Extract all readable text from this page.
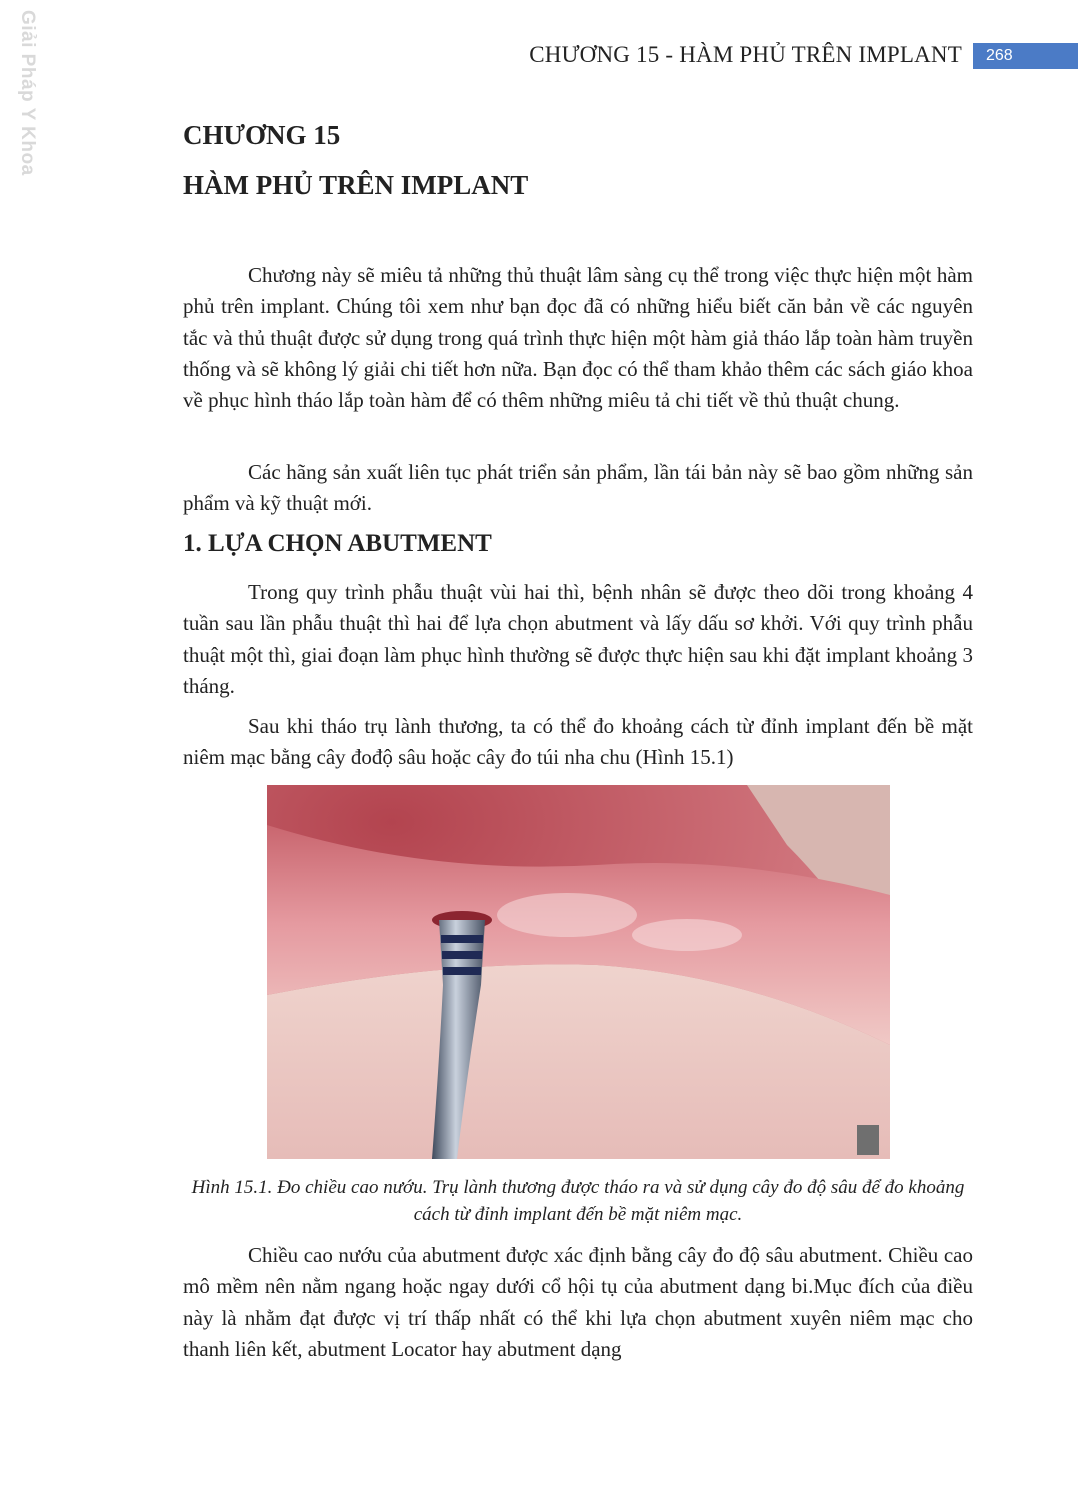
Giải Pháp Y Khoa	CHƯƠNG 15 - HÀM PHỦ TRÊN IMPLANT	268
CHƯƠNG 15
HÀM PHỦ TRÊN IMPLANT

Chương này sẽ miêu tả những thủ thuật lâm sàng cụ thể trong việc thực hiện một hàm phủ trên implant. Chúng tôi xem như bạn đọc đã có những hiểu biết căn bản về các nguyên tắc và thủ thuật được sử dụng trong quá trình thực hiện một hàm giả tháo lắp toàn hàm truyền thống và sẽ không lý giải chi tiết hơn nữa. Bạn đọc có thể tham khảo thêm các sách giáo khoa về phục hình tháo lắp toàn hàm để có thêm những miêu tả chi tiết về thủ thuật chung.

Các hãng sản xuất liên tục phát triển sản phẩm, lần tái bản này sẽ bao gồm những sản phẩm và kỹ thuật mới.

1. LỰA CHỌN ABUTMENT

Trong quy trình phẫu thuật vùi hai thì, bệnh nhân sẽ được theo dõi trong khoảng 4 tuần sau lần phẫu thuật thì hai để lựa chọn abutment và lấy dấu sơ khởi. Với quy trình phẫu thuật một thì, giai đoạn làm phục hình thường sẽ được thực hiện sau khi đặt implant khoảng 3 tháng.

Sau khi tháo trụ lành thương, ta có thể đo khoảng cách từ đỉnh implant đến bề mặt niêm mạc bằng cây đođộ sâu hoặc cây đo túi nha chu (Hình 15.1)

Hình 15.1. Đo chiều cao nướu. Trụ lành thương được tháo ra và sử dụng cây đo độ sâu để đo khoảng cách từ đỉnh implant đến bề mặt niêm mạc.

Chiều cao nướu của abutment được xác định bằng cây đo độ sâu abutment. Chiều cao mô mềm nên nằm ngang hoặc ngay dưới cổ hội tụ của abutment dạng bi.Mục đích của điều này là nhằm đạt được vị trí thấp nhất có thể khi lựa chọn abutment xuyên niêm mạc cho thanh liên kết, abutment Locator hay abutment dạng
